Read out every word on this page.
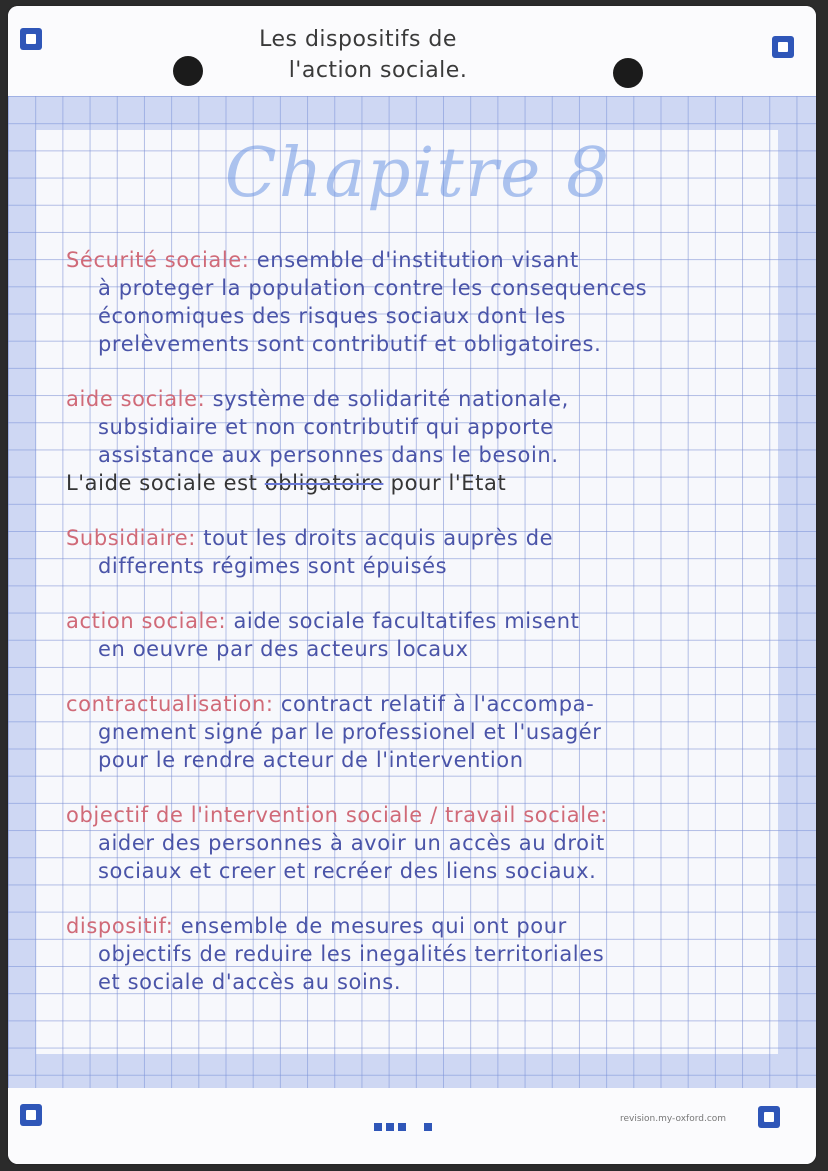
Les dispositifs de
l'action sociale.
Chapitre 8
Sécurité sociale: ensemble d'institution visant
à proteger la population contre les consequences
économiques des risques sociaux dont les
prelèvements sont contributif et obligatoires.
aide sociale: système de solidarité nationale,
subsidiaire et non contributif qui apporte
assistance aux personnes dans le besoin.
L'aide sociale est obligatoire pour l'Etat
Subsidiaire: tout les droits acquis auprès de
differents régimes sont épuisés
action sociale: aide sociale facultatifes misent
en oeuvre par des acteurs locaux
contractualisation: contract relatif à l'accompa-
gnement signé par le professionel et l'usagér
pour le rendre acteur de l'intervention
objectif de l'intervention sociale / travail sociale:
aider des personnes à avoir un accès au droit
sociaux et creer et recréer des liens sociaux.
dispositif: ensemble de mesures qui ont pour
objectifs de reduire les inegalités territoriales
et sociale d'accès au soins.
revision.my-oxford.com
